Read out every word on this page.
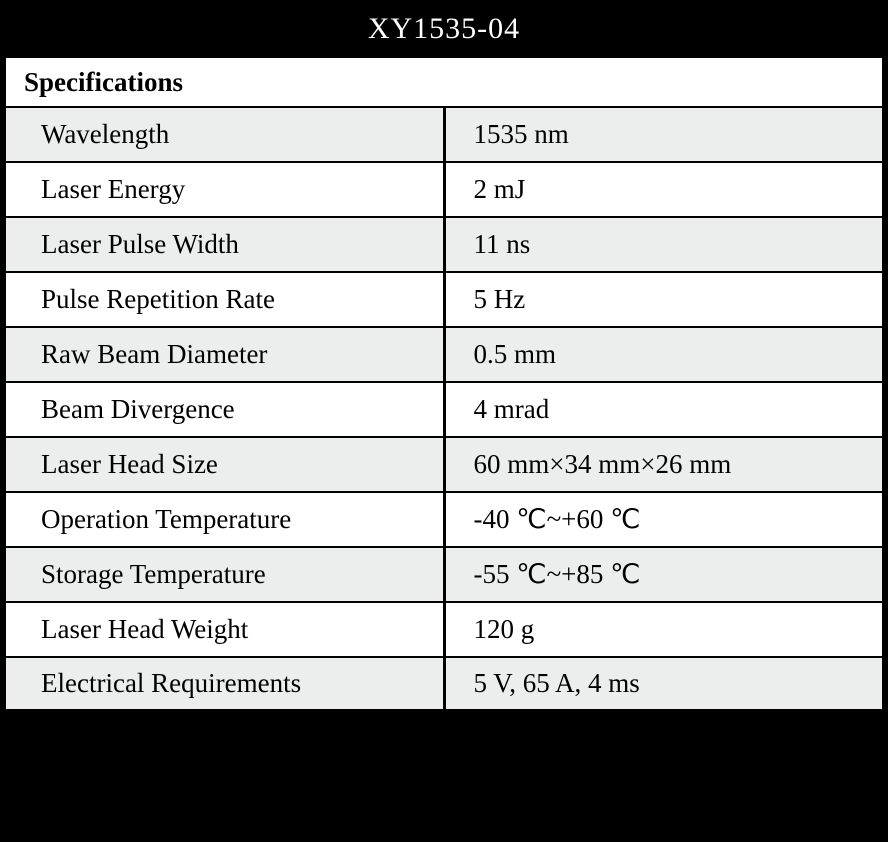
XY1535-04
Specifications	
Wavelength	1535 nm
Laser Energy	2 mJ
Laser Pulse Width	11 ns
Pulse Repetition Rate	5 Hz
Raw Beam Diameter	0.5 mm
Beam Divergence	4 mrad
Laser Head Size	60 mm×34 mm×26 mm
Operation Temperature	-40 ℃~+60 ℃
Storage Temperature	-55 ℃~+85 ℃
Laser Head Weight	120 g
Electrical Requirements	5 V, 65 A, 4 ms
